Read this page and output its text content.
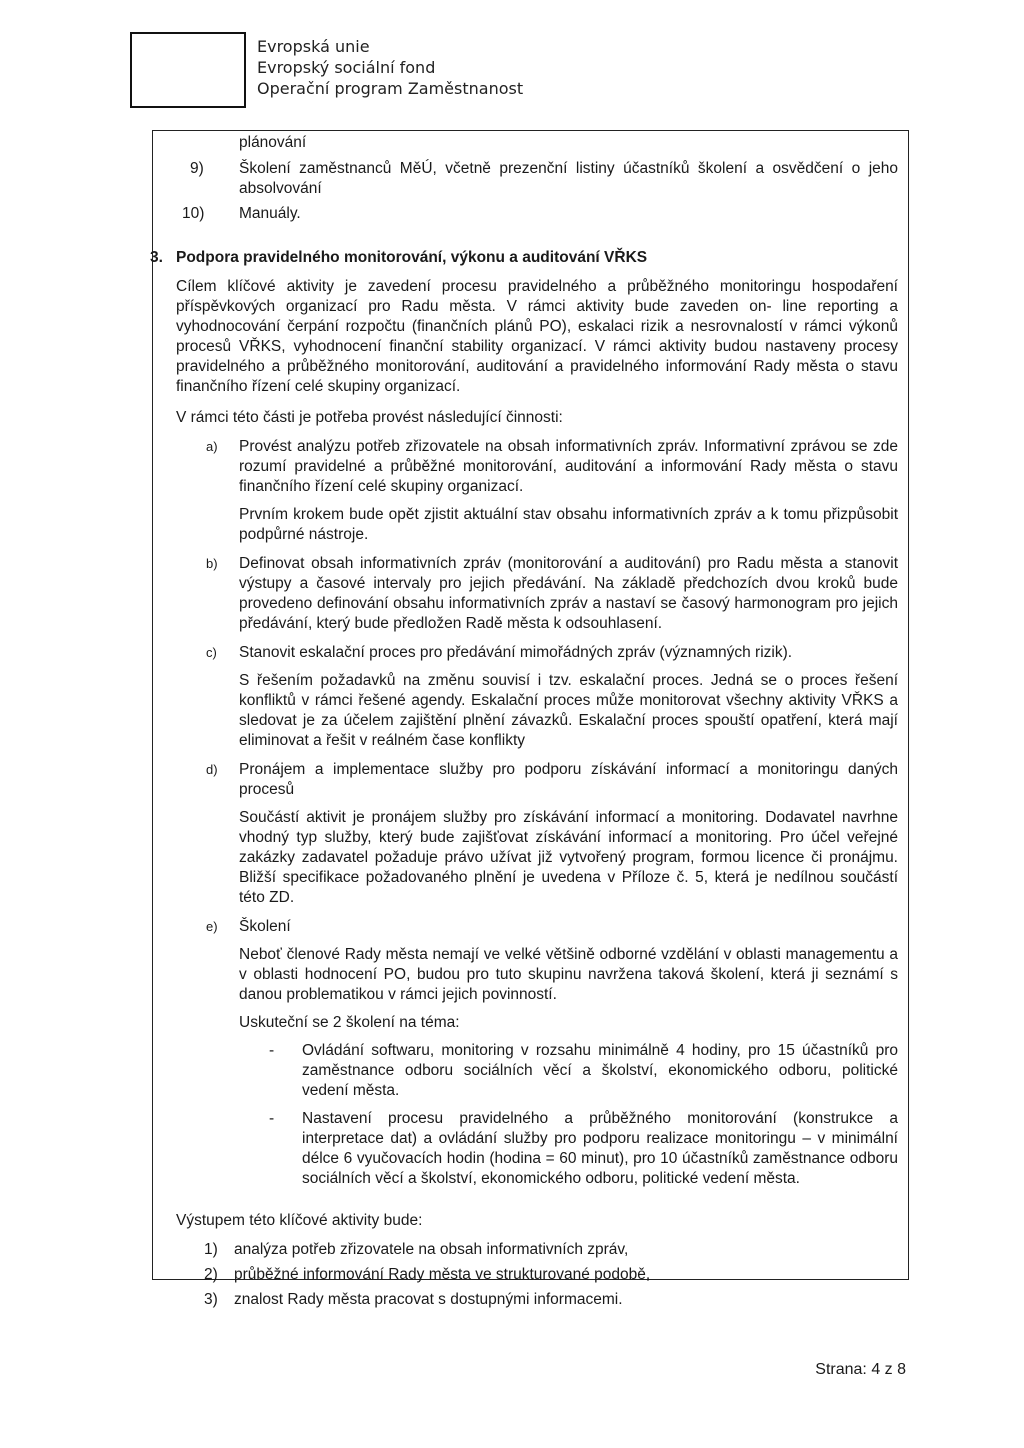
Evropská unie
Evropský sociální fond
Operační program Zaměstnanost

plánování

9)	Školení zaměstnanců MěÚ, včetně prezenční listiny účastníků školení a osvědčení o jeho absolvování

10)	Manuály.

3. Podpora pravidelného monitorování, výkonu a auditování VŘKS

Cílem klíčové aktivity je zavedení procesu pravidelného a průběžného monitoringu hospodaření příspěvkových organizací pro Radu města. V rámci aktivity bude zaveden on- line reporting a vyhodnocování čerpání rozpočtu (finančních plánů PO), eskalaci rizik a nesrovnalostí v rámci výkonů procesů VŘKS, vyhodnocení finanční stability organizací. V rámci aktivity budou nastaveny procesy pravidelného a průběžného monitorování, auditování a pravidelného informování Rady města o stavu finančního řízení celé skupiny organizací.

V rámci této části je potřeba provést následující činnosti:

a)	Provést analýzu potřeb zřizovatele na obsah informativních zpráv. Informativní zprávou se zde rozumí pravidelné a průběžné monitorování, auditování a informování Rady města o stavu finančního řízení celé skupiny organizací.

Prvním krokem bude opět zjistit aktuální stav obsahu informativních zpráv a k tomu přizpůsobit podpůrné nástroje.

b)	Definovat obsah informativních zpráv (monitorování a auditování) pro Radu města a stanovit výstupy a časové intervaly pro jejich předávání. Na základě předchozích dvou kroků bude provedeno definování obsahu informativních zpráv a nastaví se časový harmonogram pro jejich předávání, který bude předložen Radě města k odsouhlasení.

c)	Stanovit eskalační proces pro předávání mimořádných zpráv (významných rizik).

S řešením požadavků na změnu souvisí i tzv. eskalační proces. Jedná se o proces řešení konfliktů v rámci řešené agendy. Eskalační proces může monitorovat všechny aktivity VŘKS a sledovat je za účelem zajištění plnění závazků. Eskalační proces spouští opatření, která mají eliminovat a řešit v reálném čase konflikty

d)	Pronájem a implementace služby pro podporu získávání informací a monitoringu daných procesů

Součástí aktivit je pronájem služby pro získávání informací a monitoring. Dodavatel navrhne vhodný typ služby, který bude zajišťovat získávání informací a monitoring. Pro účel veřejné zakázky zadavatel požaduje právo užívat již vytvořený program, formou licence či pronájmu. Bližší specifikace požadovaného plnění je uvedena v Příloze č. 5, která je nedílnou součástí této ZD.

e)	Školení

Neboť členové Rady města nemají ve velké většině odborné vzdělání v oblasti managementu a v oblasti hodnocení PO, budou pro tuto skupinu navržena taková školení, která ji seznámí s danou problematikou v rámci jejich povinností.

Uskuteční se 2 školení na téma:

-	Ovládání softwaru, monitoring v rozsahu minimálně 4 hodiny, pro 15 účastníků pro zaměstnance odboru sociálních věcí a školství, ekonomického odboru, politické vedení města.

-	Nastavení procesu pravidelného a průběžného monitorování (konstrukce a interpretace dat) a ovládání služby pro podporu realizace monitoringu – v minimální délce 6 vyučovacích hodin (hodina = 60 minut), pro 10 účastníků zaměstnance odboru sociálních věcí a školství, ekonomického odboru, politické vedení města.

Výstupem této klíčové aktivity bude:

1)	analýza potřeb zřizovatele na obsah informativních zpráv,

2)	průběžné informování Rady města ve strukturované podobě,

3)	znalost Rady města pracovat s dostupnými informacemi.

Strana: 4 z 8
